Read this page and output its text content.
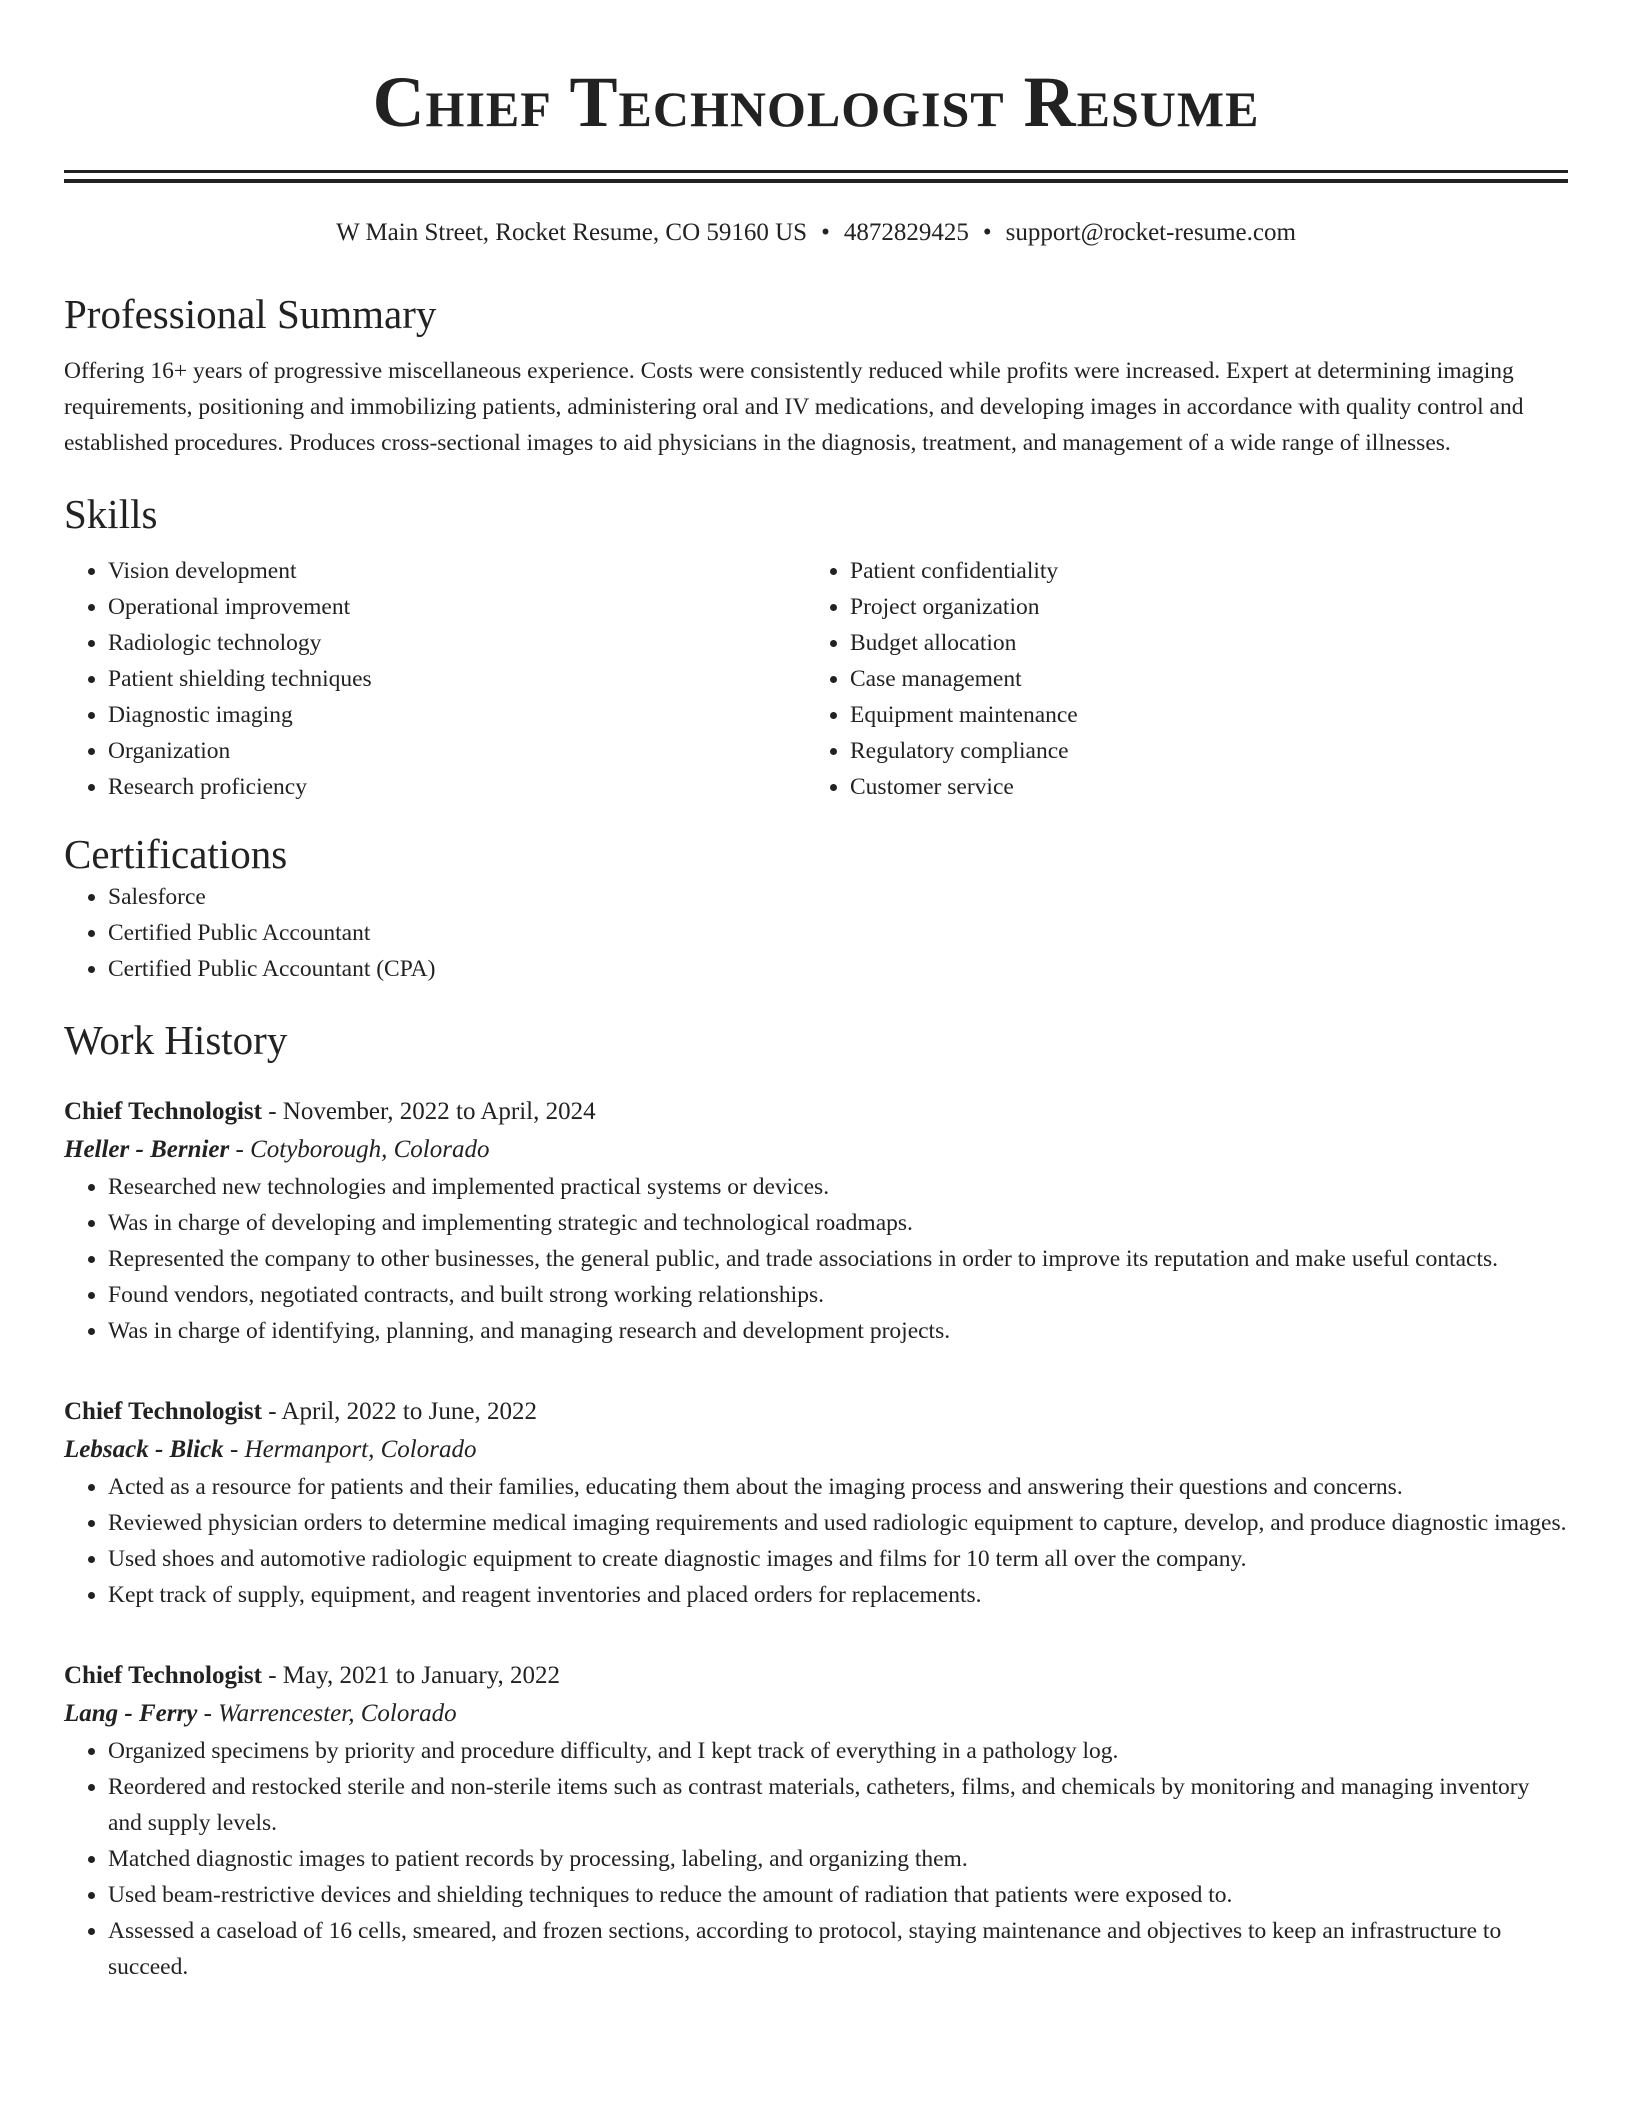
Chief Technologist Resume
W Main Street, Rocket Resume, CO 59160 US • 4872829425 • support@rocket-resume.com
Professional Summary

Offering 16+ years of progressive miscellaneous experience. Costs were consistently reduced while profits were increased. Expert at determining imaging requirements, positioning and immobilizing patients, administering oral and IV medications, and developing images in accordance with quality control and established procedures. Produces cross-sectional images to aid physicians in the diagnosis, treatment, and management of a wide range of illnesses.

Skills
• Vision development
• Operational improvement
• Radiologic technology
• Patient shielding techniques
• Diagnostic imaging
• Organization
• Research proficiency
• Patient confidentiality
• Project organization
• Budget allocation
• Case management
• Equipment maintenance
• Regulatory compliance
• Customer service
Certifications
• Salesforce
• Certified Public Accountant
• Certified Public Accountant (CPA)
Work History
Chief Technologist - November, 2022 to April, 2024
Heller - Bernier - Cotyborough, Colorado
• Researched new technologies and implemented practical systems or devices.
• Was in charge of developing and implementing strategic and technological roadmaps.
• Represented the company to other businesses, the general public, and trade associations in order to improve its reputation and make useful contacts.
• Found vendors, negotiated contracts, and built strong working relationships.
• Was in charge of identifying, planning, and managing research and development projects.
Chief Technologist - April, 2022 to June, 2022
Lebsack - Blick - Hermanport, Colorado
• Acted as a resource for patients and their families, educating them about the imaging process and answering their questions and concerns.
• Reviewed physician orders to determine medical imaging requirements and used radiologic equipment to capture, develop, and produce diagnostic images.
• Used shoes and automotive radiologic equipment to create diagnostic images and films for 10 term all over the company.
• Kept track of supply, equipment, and reagent inventories and placed orders for replacements.
Chief Technologist - May, 2021 to January, 2022
Lang - Ferry - Warrencester, Colorado
• Organized specimens by priority and procedure difficulty, and I kept track of everything in a pathology log.
• Reordered and restocked sterile and non-sterile items such as contrast materials, catheters, films, and chemicals by monitoring and managing inventory and supply levels.
• Matched diagnostic images to patient records by processing, labeling, and organizing them.
• Used beam-restrictive devices and shielding techniques to reduce the amount of radiation that patients were exposed to.
• Assessed a caseload of 16 cells, smeared, and frozen sections, according to protocol, staying maintenance and objectives to keep an infrastructure to succeed.
